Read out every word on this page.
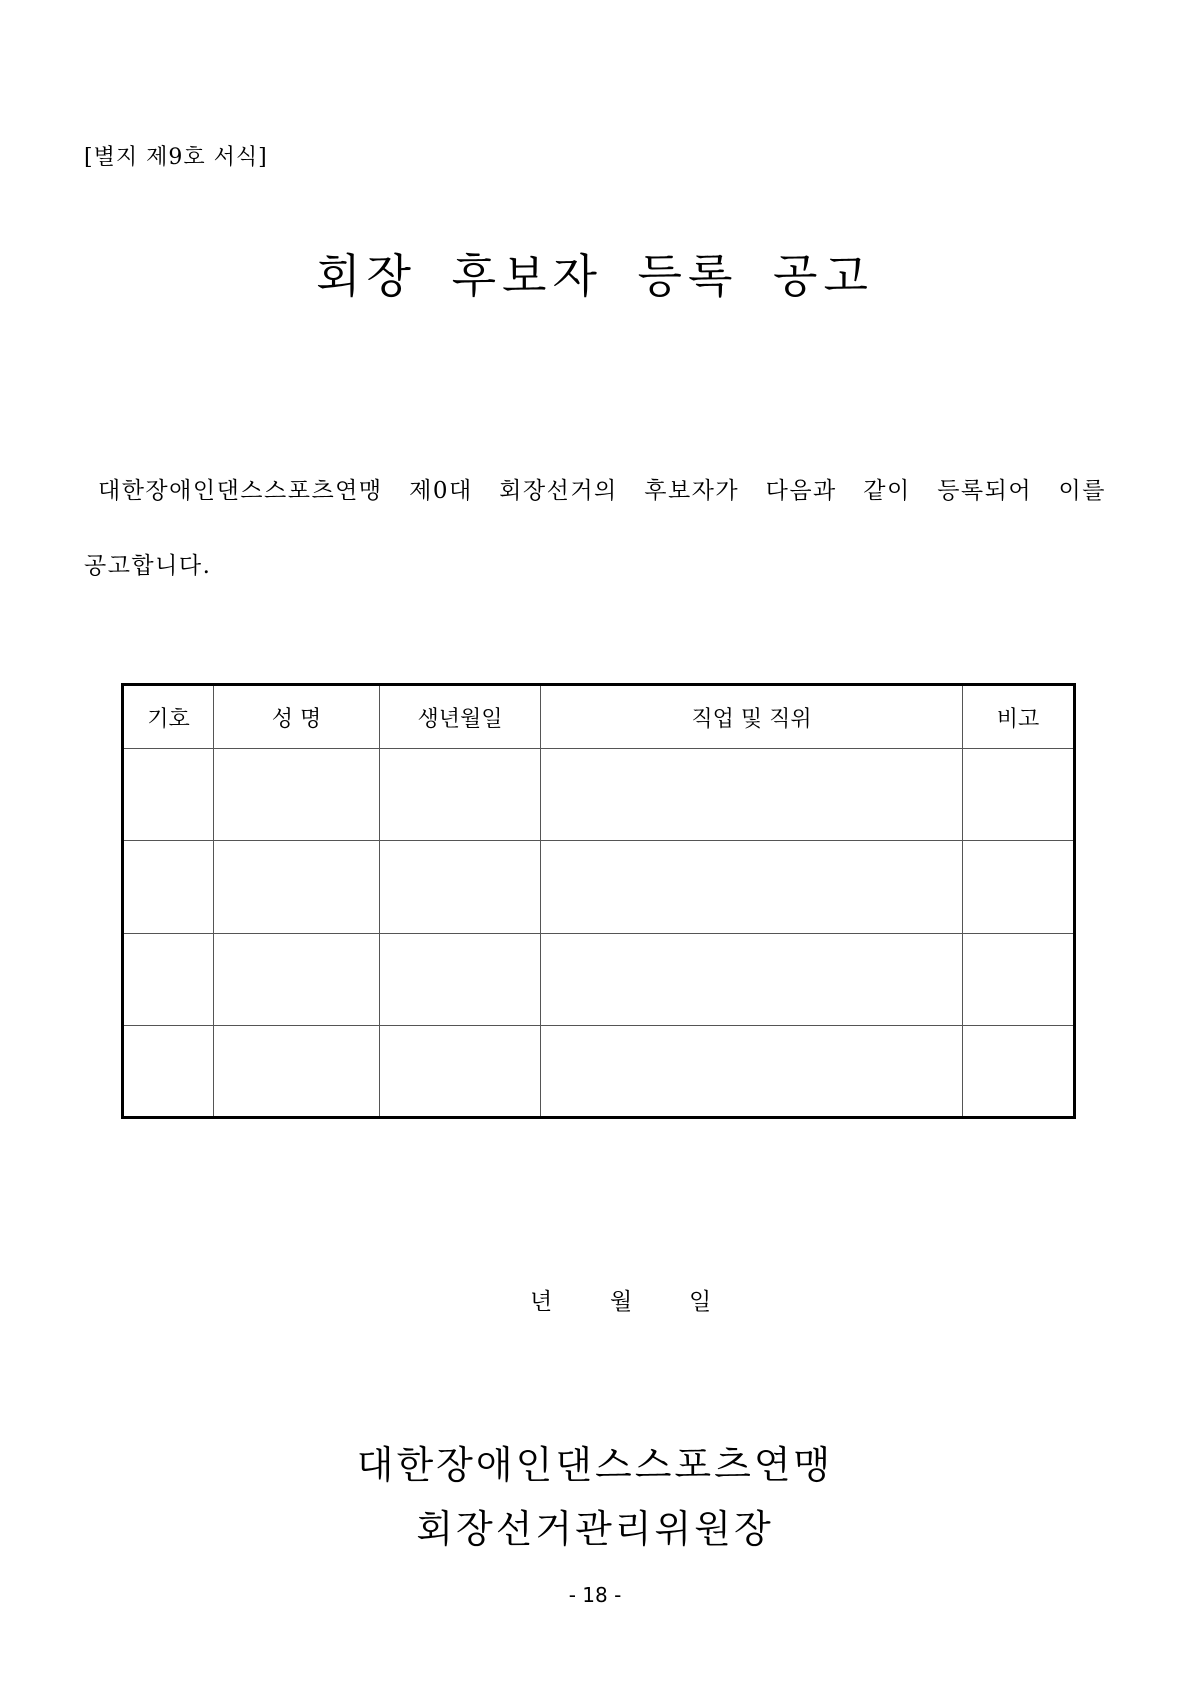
[별지 제9호 서식]
회장 후보자 등록 공고
대한장애인댄스스포츠연맹 제0대 회장선거의 후보자가 다음과 같이 등록되어 이를
공고합니다.
기호	성 명	생년월일	직업 및 직위	비고

년	월 일
대한장애인댄스스포츠연맹
회장선거관리위원장
- 18 -
